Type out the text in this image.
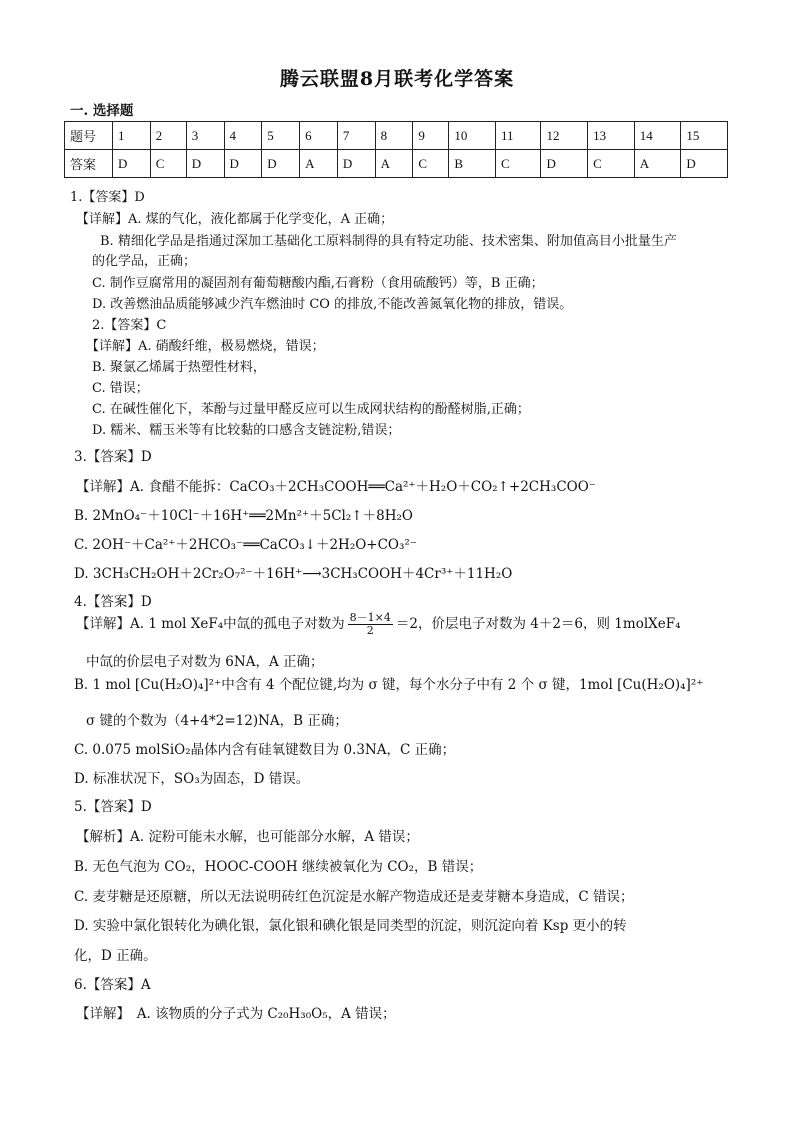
腾云联盟8月联考化学答案
一. 选择题
题号	1	2	3	4	5	6	7	8	9	10	11	12	13	14	15
答案	D	C	D	D	D	A	D	A	C	B	C	D	C	A	D
1.【答案】D
【详解】A. 煤的气化，液化都属于化学变化，A 正确；
B. 精细化学品是指通过深加工基础化工原料制得的具有特定功能、技术密集、附加值高目小批量生产
的化学品，正确；
C. 制作豆腐常用的凝固剂有葡萄糖酸内酯,石膏粉（食用硫酸钙）等，B 正确；
D. 改善燃油品质能够减少汽车燃油时 CO 的排放,不能改善氮氧化物的排放，错误。
2.【答案】C
【详解】A. 硝酸纤维，极易燃烧，错误；
B. 聚氯乙烯属于热塑性材料，
C. 错误；
C. 在碱性催化下，苯酚与过量甲醛反应可以生成网状结构的酚醛树脂,正确；
D. 糯米、糯玉米等有比较黏的口感含支链淀粉,错误；
3.【答案】D
【详解】A. 食醋不能拆：CaCO₃＋2CH₃COOH══Ca²⁺＋H₂O＋CO₂↑+2CH₃COO⁻
B. 2MnO₄⁻＋10Cl⁻＋16H⁺══2Mn²⁺＋5Cl₂↑＋8H₂O
C. 2OH⁻＋Ca²⁺＋2HCO₃⁻══CaCO₃↓＋2H₂O+CO₃²⁻
D. 3CH₃CH₂OH＋2Cr₂O₇²⁻＋16H⁺⟶3CH₃COOH＋4Cr³⁺＋11H₂O
4.【答案】D
【详解】A. 1 mol XeF₄中氙的孤电子对数为 $\frac{8-1\times 4}{2} =2$，价层电子对数为 4＋2＝6，则 1molXeF₄
中氙的价层电子对数为 6NA，A 正确；
B. 1 mol [Cu(H₂O)₄]²⁺中含有 4 个配位键,均为 σ 键，每个水分子中有 2 个 σ 键，1mol [Cu(H₂O)₄]²⁺
σ 键的个数为（4+4*2=12)NA，B 正确；
C. 0.075 molSiO₂晶体内含有硅氧键数目为 0.3NA，C 正确；
D. 标准状况下，SO₃为固态，D 错误。
5.【答案】D
【解析】A. 淀粉可能未水解，也可能部分水解，A 错误；
B. 无色气泡为 CO₂，HOOC-COOH 继续被氧化为 CO₂，B 错误；
C. 麦芽糖是还原糖，所以无法说明砖红色沉淀是水解产物造成还是麦芽糖本身造成，C 错误；
D. 实验中氯化银转化为碘化银，氯化银和碘化银是同类型的沉淀，则沉淀向着 Ksp 更小的转
化，D 正确。
6.【答案】A
【详解】　A. 该物质的分子式为 C₂₀H₃₀O₅，A 错误；
